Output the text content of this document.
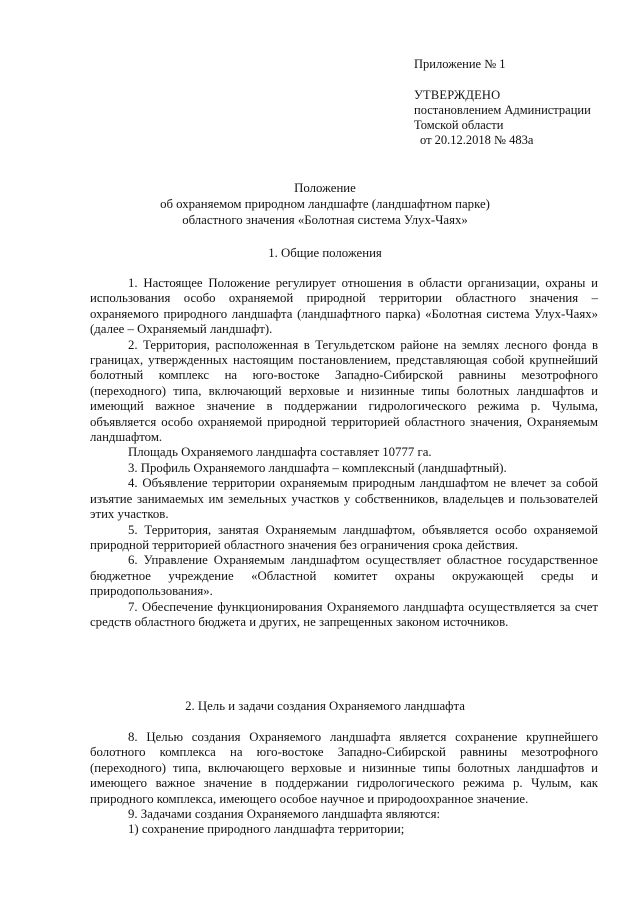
Приложение № 1
УТВЕРЖДЕНО
постановлением Администрации
Томской области
от 20.12.2018 № 483а
Положение
об охраняемом природном ландшафте (ландшафтном парке)
областного значения «Болотная система Улух-Чаях»
1. Общие положения

1. Настоящее Положение регулирует отношения в области организации, охраны и использования особо охраняемой природной территории областного значения – охраняемого природного ландшафта (ландшафтного парка) «Болотная система Улух-Чаях» (далее – Охраняемый ландшафт).

2. Территория, расположенная в Тегульдетском районе на землях лесного фонда в границах, утвержденных настоящим постановлением, представляющая собой крупнейший болотный комплекс на юго-востоке Западно-Сибирской равнины мезотрофного (переходного) типа, включающий верховые и низинные типы болотных ландшафтов и имеющий важное значение в поддержании гидрологического режима р. Чулыма, объявляется особо охраняемой природной территорией областного значения, Охраняемым ландшафтом.

Площадь Охраняемого ландшафта составляет 10777 га.

3. Профиль Охраняемого ландшафта – комплексный (ландшафтный).

4. Объявление территории охраняемым природным ландшафтом не влечет за собой изъятие занимаемых им земельных участков у собственников, владельцев и пользователей этих участков.

5. Территория, занятая Охраняемым ландшафтом, объявляется особо охраняемой природной территорией областного значения без ограничения срока действия.

6. Управление Охраняемым ландшафтом осуществляет областное государственное бюджетное учреждение «Областной комитет охраны окружающей среды и природопользования».

7. Обеспечение функционирования Охраняемого ландшафта осуществляется за счет средств областного бюджета и других, не запрещенных законом источников.

2. Цель и задачи создания Охраняемого ландшафта

8. Целью создания Охраняемого ландшафта является сохранение крупнейшего болотного комплекса на юго-востоке Западно-Сибирской равнины мезотрофного (переходного) типа, включающего верховые и низинные типы болотных ландшафтов и имеющего важное значение в поддержании гидрологического режима р. Чулым, как природного комплекса, имеющего особое научное и природоохранное значение.

9. Задачами создания Охраняемого ландшафта являются:

1) сохранение природного ландшафта территории;
